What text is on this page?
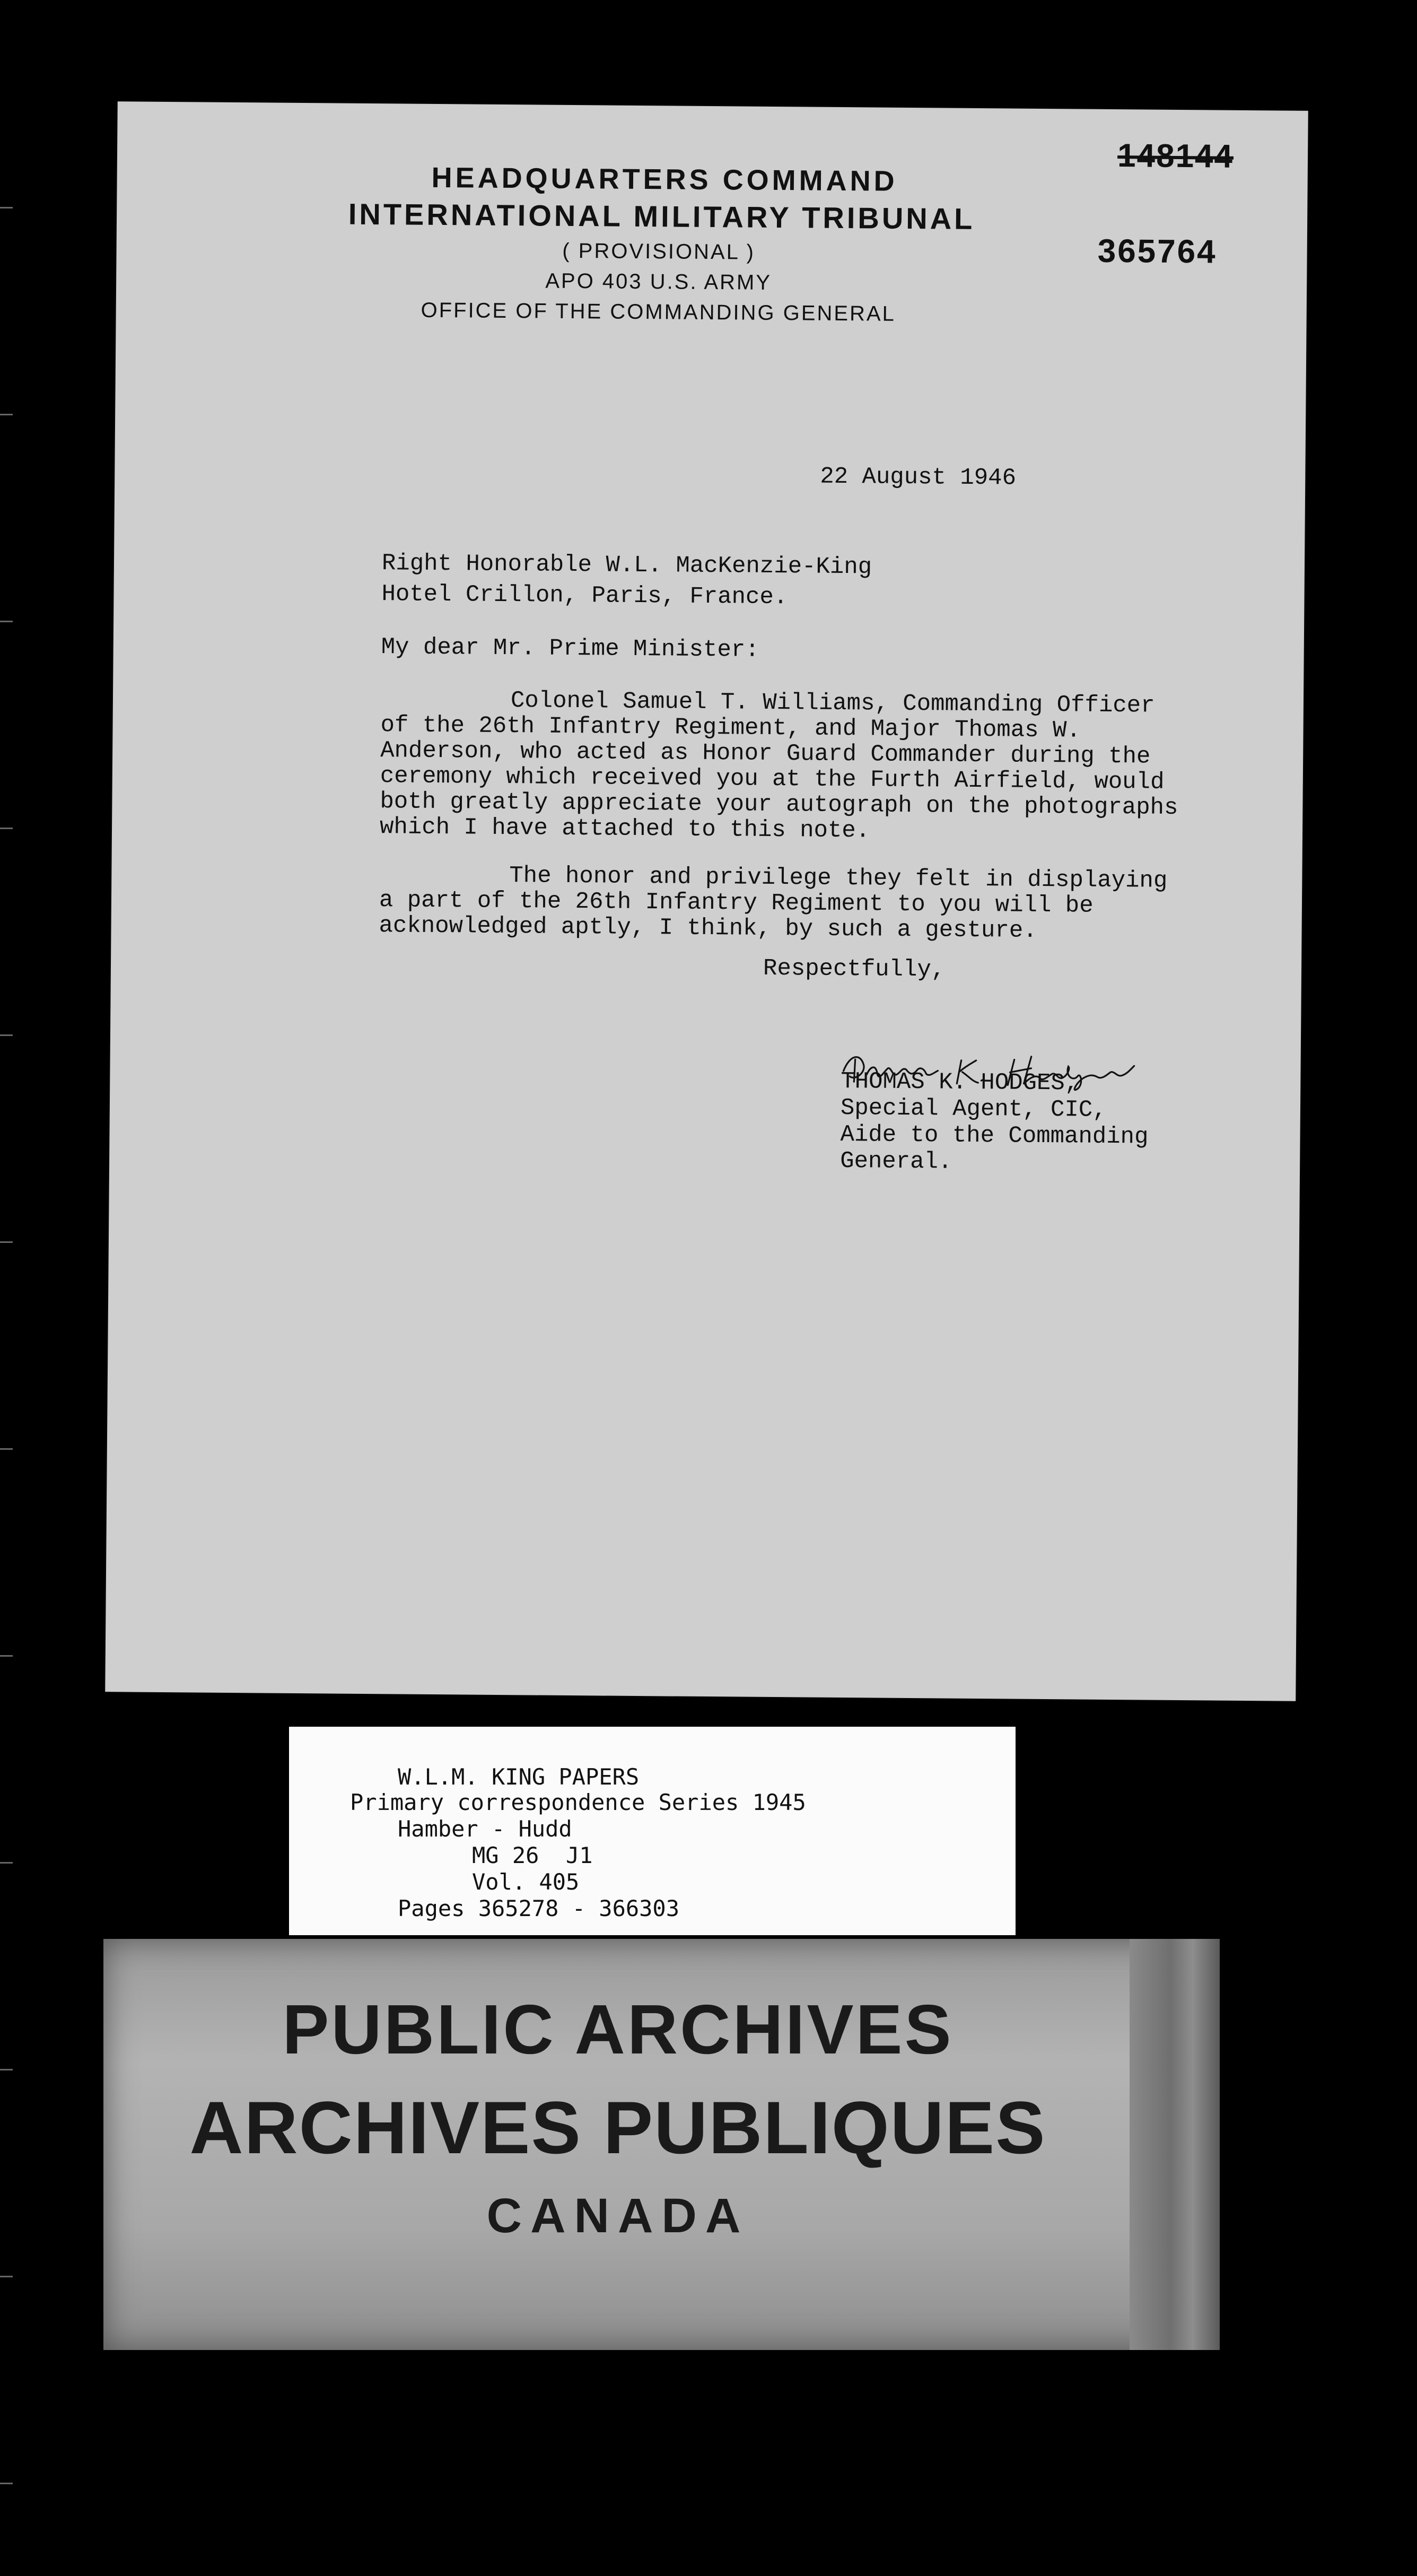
HEADQUARTERS COMMAND
INTERNATIONAL MILITARY TRIBUNAL
( PROVISIONAL )
APO 403 U.S. ARMY
OFFICE OF THE COMMANDING GENERAL
148144
365764
22 August 1946
Right Honorable W.L. MacKenzie-King
Hotel Crillon, Paris, France.
My dear Mr. Prime Minister:
Colonel Samuel T. Williams, Commanding Officer
of the 26th Infantry Regiment, and Major Thomas W.
Anderson, who acted as Honor Guard Commander during the
ceremony which received you at the Furth Airfield, would
both greatly appreciate your autograph on the photographs
which I have attached to this note.
The honor and privilege they felt in displaying
a part of the 26th Infantry Regiment to you will be
acknowledged aptly, I think, by such a gesture.
Respectfully,
THOMAS K. HODGES,
Special Agent, CIC,
Aide to the Commanding
General.
W.L.M. KING PAPERS
Primary correspondence Series 1945
Hamber - Hudd
MG 26  J1
Vol. 405
Pages 365278 - 366303
PUBLIC ARCHIVES
ARCHIVES PUBLIQUES
CANADA
